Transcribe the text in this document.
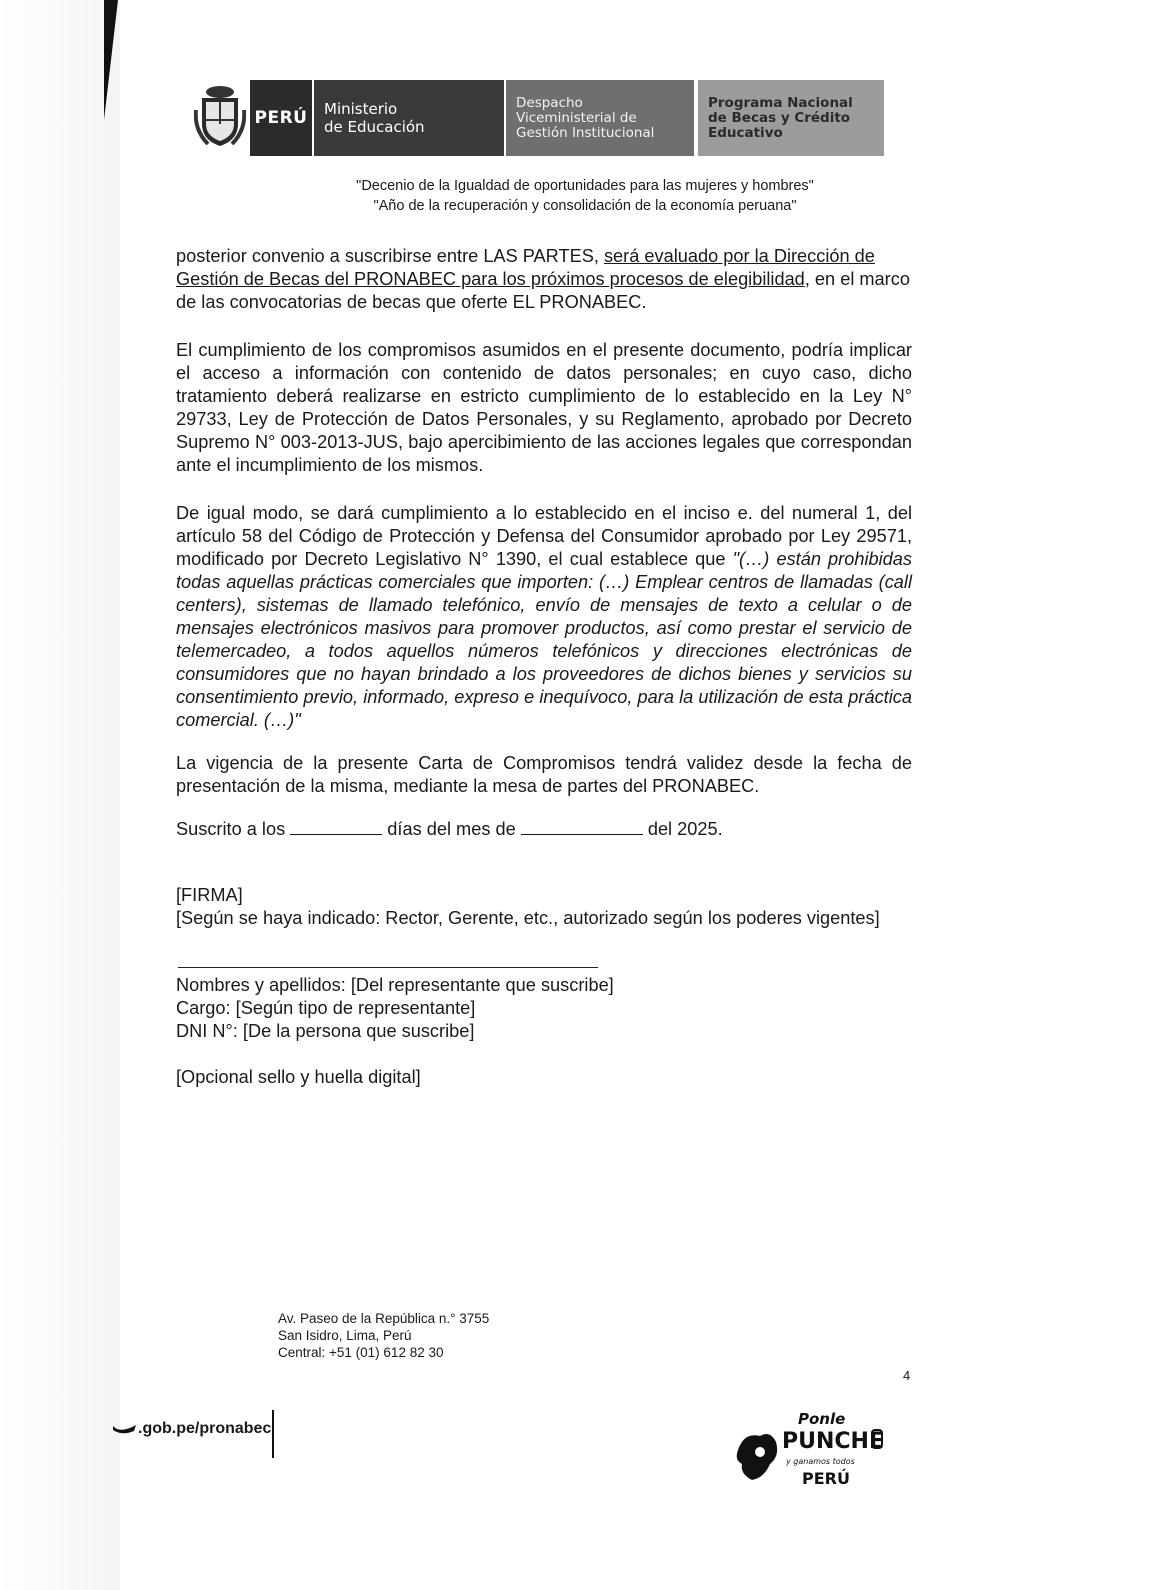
PERÚ	Ministerio
de Educación
Despacho
Viceministerial de
Gestión Institucional
Programa Nacional
de Becas y Crédito
Educativo
"Decenio de la Igualdad de oportunidades para las mujeres y hombres"
"Año de la recuperación y consolidación de la economía peruana"
posterior convenio a suscribirse entre LAS PARTES, será evaluado por la Dirección de Gestión de Becas del PRONABEC para los próximos procesos de elegibilidad, en el marco de las convocatorias de becas que oferte EL PRONABEC.
El cumplimiento de los compromisos asumidos en el presente documento, podría implicar el acceso a información con contenido de datos personales; en cuyo caso, dicho tratamiento deberá realizarse en estricto cumplimiento de lo establecido en la Ley N° 29733, Ley de Protección de Datos Personales, y su Reglamento, aprobado por Decreto Supremo N° 003-2013-JUS, bajo apercibimiento de las acciones legales que correspondan ante el incumplimiento de los mismos.
De igual modo, se dará cumplimiento a lo establecido en el inciso e. del numeral 1, del artículo 58 del Código de Protección y Defensa del Consumidor aprobado por Ley 29571, modificado por Decreto Legislativo N° 1390, el cual establece que "(…) están prohibidas todas aquellas prácticas comerciales que importen: (…) Emplear centros de llamadas (call centers), sistemas de llamado telefónico, envío de mensajes de texto a celular o de mensajes electrónicos masivos para promover productos, así como prestar el servicio de telemercadeo, a todos aquellos números telefónicos y direcciones electrónicas de consumidores que no hayan brindado a los proveedores de dichos bienes y servicios su consentimiento previo, informado, expreso e inequívoco, para la utilización de esta práctica comercial. (…)"
La vigencia de la presente Carta de Compromisos tendrá validez desde la fecha de presentación de la misma, mediante la mesa de partes del PRONABEC.
Suscrito a los	días del mes de	del 2025.
[FIRMA]
[Según se haya indicado: Rector, Gerente, etc., autorizado según los poderes vigentes]
Nombres y apellidos: [Del representante que suscribe]
Cargo: [Según tipo de representante]
DNI N°: [De la persona que suscribe]
[Opcional sello y huella digital]
Av. Paseo de la República n.° 3755
San Isidro, Lima, Perú
Central: +51 (01) 612 82 30
4
.gob.pe/pronabec
Ponle
PUNCHE
y ganamos todos
PERÚ
